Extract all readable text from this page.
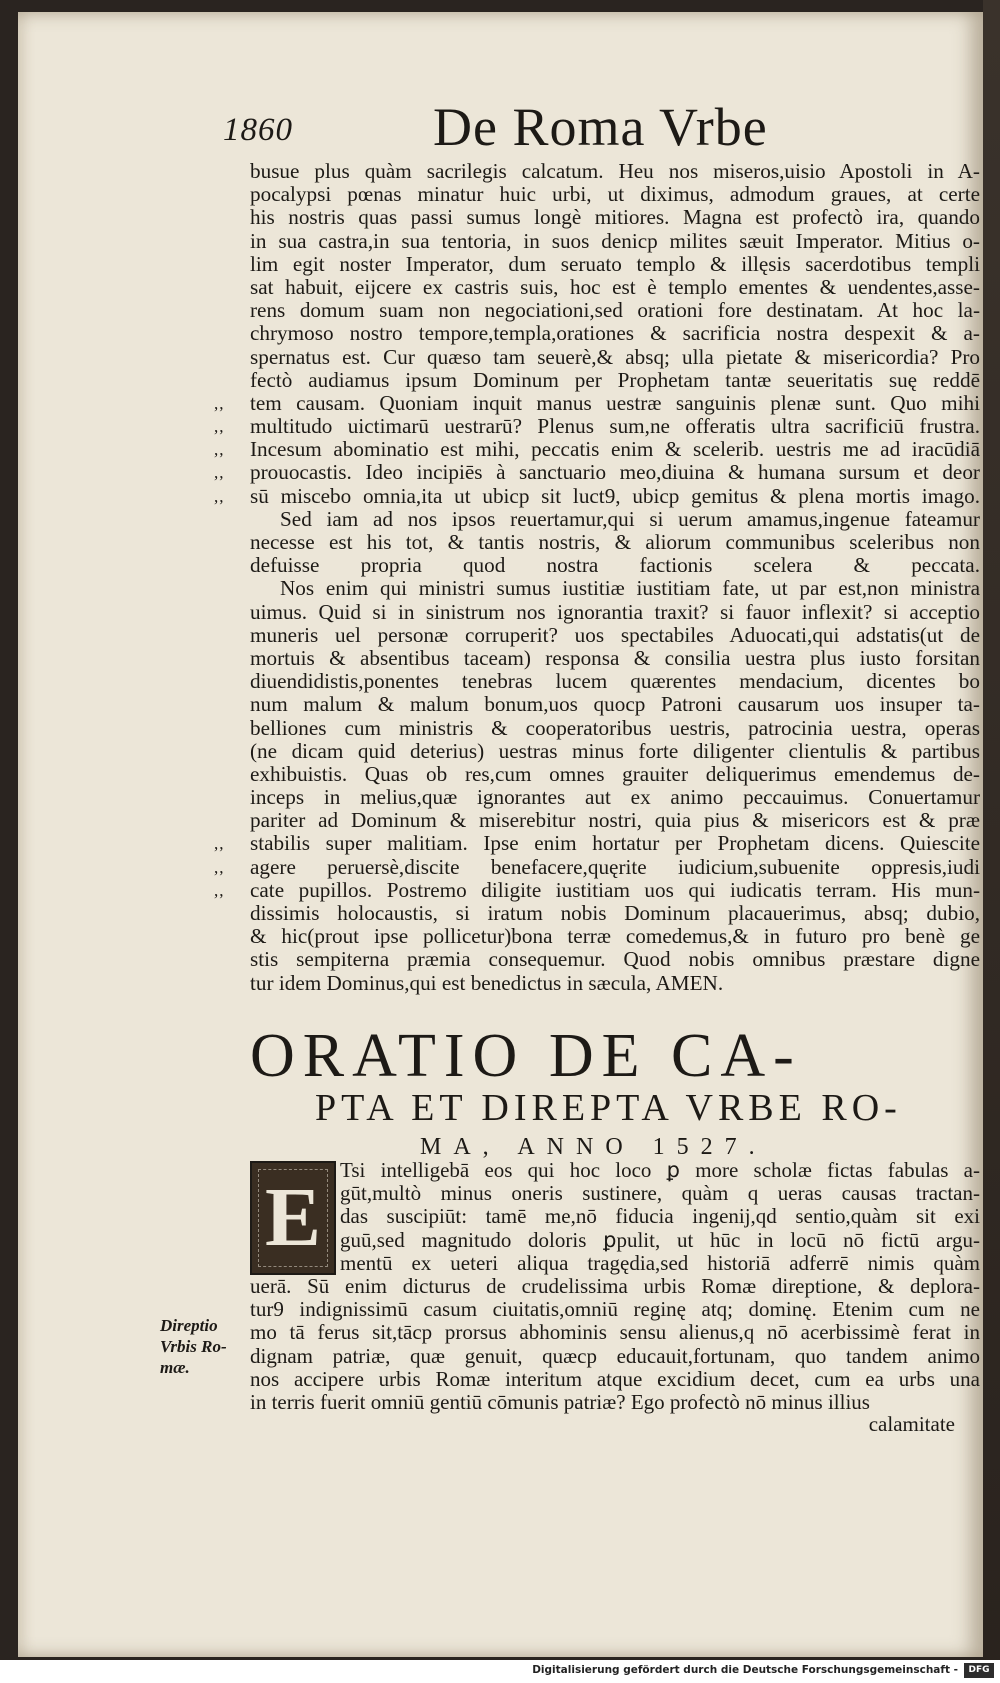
1860	De Roma Vrbe
busue plus quàm sacrilegis calcatum. Heu nos miseros,uisio Apostoli in A-
pocalypsi pœnas minatur huic urbi, ut diximus, admodum graues, at certe
his nostris quas passi sumus longè mitiores. Magna est profectò ira, quando
in sua castra,in sua tentoria, in suos denicp milites sæuit Imperator. Mitius o-
lim egit noster Imperator, dum seruato templo & illęsis sacerdotibus templi
sat habuit, eijcere ex castris suis, hoc est è templo ementes & uendentes,asse-
rens domum suam non negociationi,sed orationi fore destinatam. At hoc la-
chrymoso nostro tempore,templa,orationes & sacrificia nostra despexit & a-
spernatus est. Cur quæso tam seuerè,& absq; ulla pietate & misericordia? Pro
fectò audiamus ipsum Dominum per Prophetam tantæ seueritatis suę reddē
,, tem causam. Quoniam inquit manus uestræ sanguinis plenæ sunt. Quo mihi
,, multitudo uictimarū uestrarū? Plenus sum,ne offeratis ultra sacrificiū frustra.
,, Incesum abominatio est mihi, peccatis enim & scelerib. uestris me ad iracūdiā
,, prouocastis. Ideo incipiēs à sanctuario meo,diuina & humana sursum et deor
,, sū miscebo omnia,ita ut ubicp sit luct9, ubicp gemitus & plena mortis imago.
Sed iam ad nos ipsos reuertamur,qui si uerum amamus,ingenue fateamur
necesse est his tot, & tantis nostris, & aliorum communibus sceleribus non
defuisse propria quod nostra factionis scelera & peccata.
Nos enim qui ministri sumus iustitiæ iustitiam fate, ut par est,non ministra
uimus. Quid si in sinistrum nos ignorantia traxit? si fauor inflexit? si acceptio
muneris uel personæ corruperit? uos spectabiles Aduocati,qui adstatis(ut de
mortuis & absentibus taceam) responsa & consilia uestra plus iusto forsitan
diuendidistis,ponentes tenebras lucem quærentes mendacium, dicentes bo
num malum & malum bonum,uos quocp Patroni causarum uos insuper ta-
belliones cum ministris & cooperatoribus uestris, patrocinia uestra, operas
(ne dicam quid deterius) uestras minus forte diligenter clientulis & partibus
exhibuistis. Quas ob res,cum omnes grauiter deliquerimus emendemus de-
inceps in melius,quæ ignorantes aut ex animo peccauimus. Conuertamur
pariter ad Dominum & miserebitur nostri, quia pius & misericors est & præ
,, stabilis super malitiam. Ipse enim hortatur per Prophetam dicens. Quiescite
,, agere peruersè,discite benefacere,quęrite iudicium,subuenite oppresis,iudi
,, cate pupillos. Postremo diligite iustitiam uos qui iudicatis terram. His mun-
dissimis holocaustis, si iratum nobis Dominum placauerimus, absq; dubio,
& hic(prout ipse pollicetur)bona terræ comedemus,& in futuro pro benè ge
stis sempiterna præmia consequemur. Quod nobis omnibus præstare digne
tur idem Dominus,qui est benedictus in sæcula, AMEN.
ORATIO DE CA-
PTA ET DIREPTA VRBE RO-
MA, ANNO 1527.
E
Tsi intelligebā eos qui hoc loco ꝑ more scholæ fictas fabulas a-
gūt,multò minus oneris sustinere, quàm q ueras causas tractan-
das suscipiūt: tamē me,nō fiducia ingenij,qd sentio,quàm sit exi
guū,sed magnitudo doloris ꝑpulit, ut hūc in locū nō fictū argu-
mentū ex ueteri aliqua tragędia,sed historiā adferrē nimis quàm
uerā. Sū enim dicturus de crudelissima urbis Romæ direptione, & deplora-
tur9 indignissimū casum ciuitatis,omniū reginę atq; dominę. Etenim cum ne
mo tā ferus sit,tācp prorsus abhominis sensu alienus,q nō acerbissimè ferat in
dignam patriæ, quæ genuit, quæcp educauit,fortunam, quo tandem animo
nos accipere urbis Romæ interitum atque excidium decet, cum ea urbs una
in terris fuerit omniū gentiū cōmunis patriæ? Ego profectò nō minus illius
Direptio
Vrbis Ro-
mæ.
calamitate
Digitalisierung gefördert durch die Deutsche Forschungsgemeinschaft -	DFG
